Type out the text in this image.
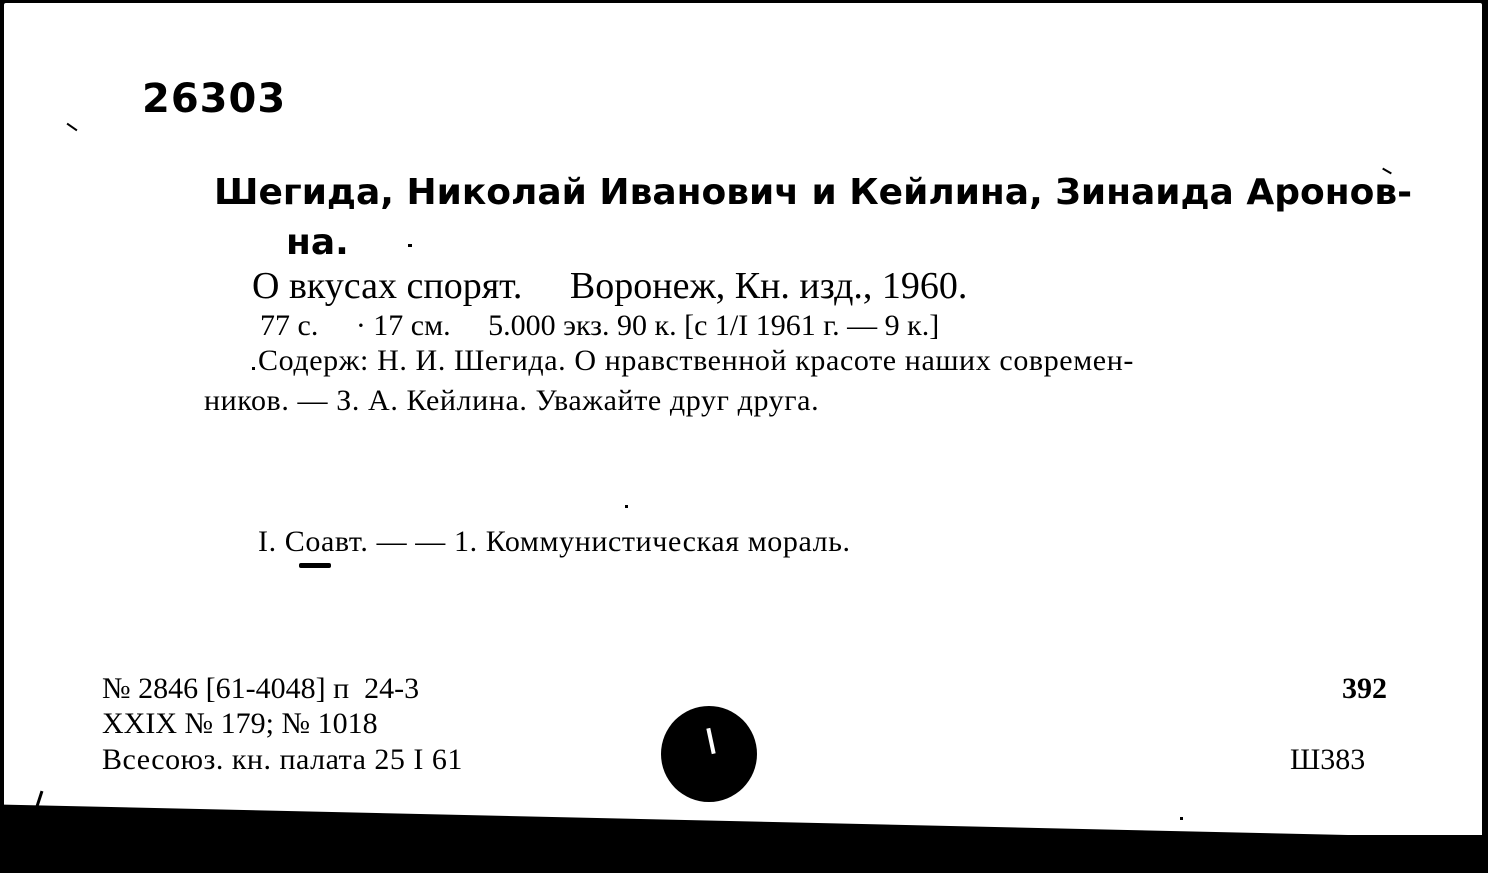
26303
Шегида, Николай Иванович и Кейлина, Зинаида Аронов-
на.
О вкусах спорят.     Воронеж, Кн. изд., 1960.
77 с.     · 17 см.     5.000 экз. 90 к. [с 1/I 1961 г. — 9 к.]
Содерж: Н. И. Шегида. О нравственной красоте наших современ-
ников. — З. А. Кейлина. Уважайте друг друга.
I. Соавт. — — 1. Коммунистическая мораль.
№ 2846 [61-4048] п  24-3
XXIX № 179; № 1018
Всесоюз. кн. палата 25 I 61
392
Ш383
